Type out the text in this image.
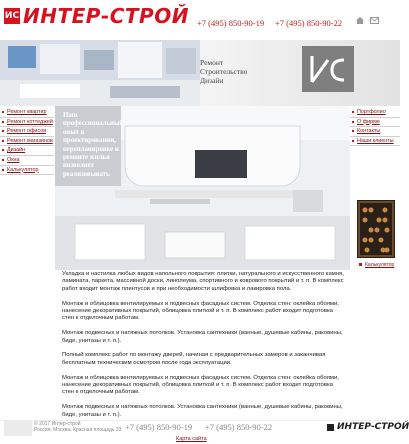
ИС ИНТЕР-СТРОЙ +7 (495) 850-90-19 +7 (495) 850-90-22
Ремонт
Строительство
Дизайн
Наш профессиональный опыт в проектировании, перепланировке и ремонте жилья позволяет реализовывать
Ремонт квартир
Ремонт коттеджей
Ремонт офисов
Ремонт магазинов
Дизайн
Окна
Калькулятор
Портфолио
О фирме
Контакты
Наши клиенты
Калькулятор

Укладка и настилка любых видов напольного покрытия: плитки, натурального и искусственного камня, ламината, паркета, массивной доски, линолеума, спортивного и коврового покрытий и т. п. В комплекс работ входит монтаж плинтусов и при необходимости шлифовка и лакировка пола.

Монтаж и облицовка вентилируемых и подвесных фасадных систем. Отделка стен: оклейка обоями, нанесение декоративных покрытий, облицовка плиткой и т. п. В комплекс работ входит подготовка стен к отделочным работам.

Монтаж подвесных и натяжных потолков. Установка сантехники (ванные, душевые кабины, раковины, биде, унитазы и т. п.).

Полный комплекс работ по монтажу дверей, начиная с предварительных замеров и заканчивая бесплатным техническим осмотром после года эксплуатации.

Монтаж и облицовка вентилируемых и подвесных фасадных систем. Отделка стен: оклейка обоями, нанесение декоративных покрытий, облицовка плиткой и т. п. В комплекс работ входит подготовка стен к отделочным работам.

Монтаж подвесных и натяжных потолков. Установка сантехники (ванные, душевые кабины, раковины, биде, унитазы и т. п.).

© 2017 Интер-строй
Россия, Москва, Красная площадь 33 +7 (495) 850-90-19 +7 (495) 850-90-22	ИНТЕР-СТРОЙ
Карта сайта
